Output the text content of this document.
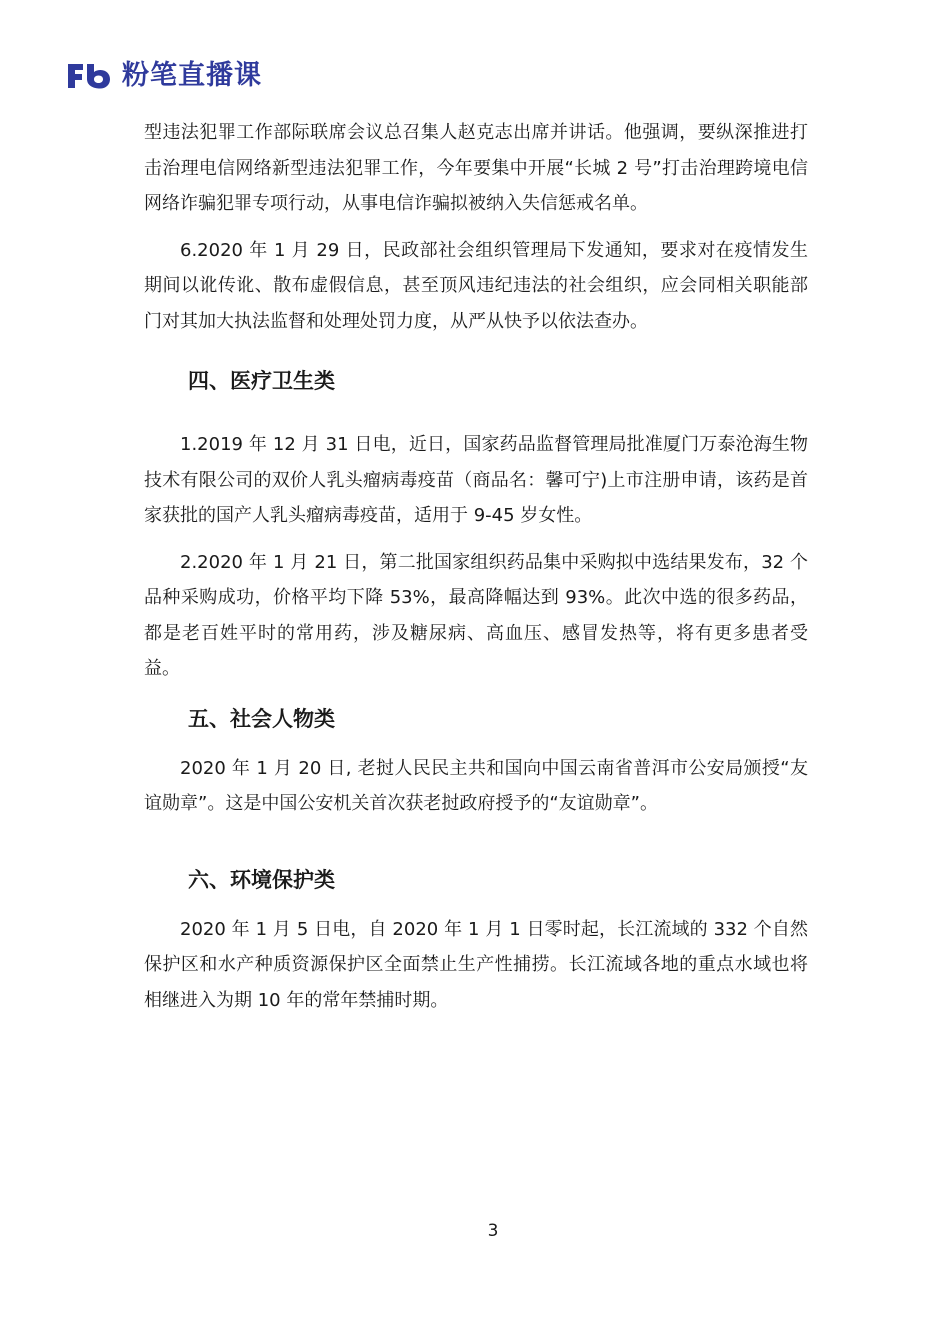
粉笔直播课

型违法犯罪工作部际联席会议总召集人赵克志出席并讲话。他强调，要纵深推进打击治理电信网络新型违法犯罪工作，今年要集中开展“长城 2 号”打击治理跨境电信网络诈骗犯罪专项行动，从事电信诈骗拟被纳入失信惩戒名单。

6.2020 年 1 月 29 日，民政部社会组织管理局下发通知，要求对在疫情发生期间以讹传讹、散布虚假信息，甚至顶风违纪违法的社会组织，应会同相关职能部门对其加大执法监督和处理处罚力度，从严从快予以依法查办。

四、医疗卫生类

1.2019 年 12 月 31 日电，近日，国家药品监督管理局批准厦门万泰沧海生物技术有限公司的双价人乳头瘤病毒疫苗（商品名：馨可宁)上市注册申请，该药是首家获批的国产人乳头瘤病毒疫苗，适用于 9-45 岁女性。

2.2020 年 1 月 21 日，第二批国家组织药品集中采购拟中选结果发布，32 个品种采购成功，价格平均下降 53%，最高降幅达到 93%。此次中选的很多药品，都是老百姓平时的常用药，涉及糖尿病、高血压、感冒发热等，将有更多患者受益。

五、社会人物类

2020 年 1 月 20 日, 老挝人民民主共和国向中国云南省普洱市公安局颁授“友谊勋章”。这是中国公安机关首次获老挝政府授予的“友谊勋章”。

六、环境保护类

2020 年 1 月 5 日电，自 2020 年 1 月 1 日零时起，长江流域的 332 个自然保护区和水产种质资源保护区全面禁止生产性捕捞。长江流域各地的重点水域也将相继进入为期 10 年的常年禁捕时期。

3
